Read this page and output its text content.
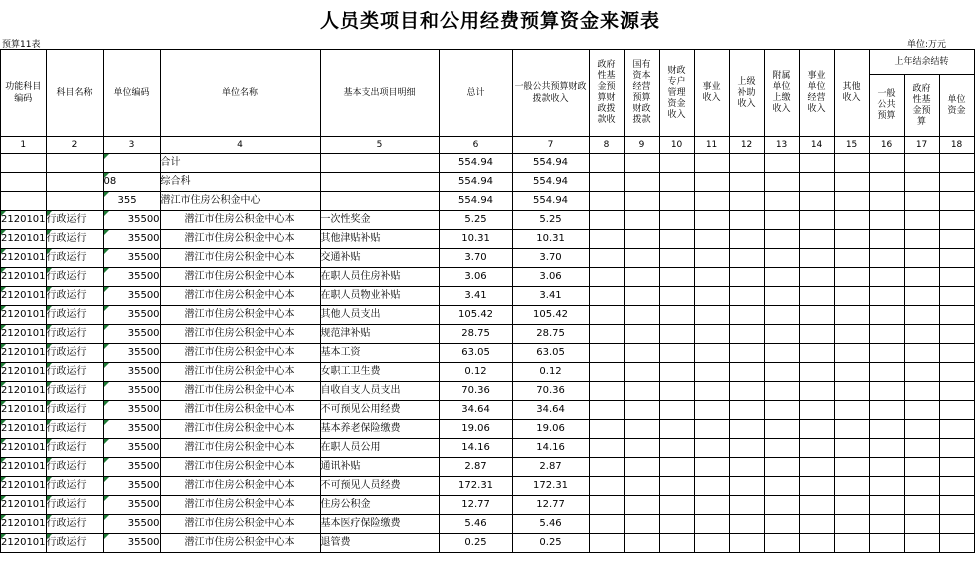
人员类项目和公用经费预算资金来源表
预算11表	单位:万元
功能科目编码	科目名称	单位编码	单位名称	基本支出项目明细	总计	一般公共预算财政拨款收入	政府性基金预算财政拨款收	国有资本经营预算财政拨款	财政专户管理资金收入	事业收入	上级补助收入	附属单位上缴收入	事业单位经营收入	其他收入	上年结余结转		
															一般公共预算	政府性基金预算	单位资金
1	2	3	4	5	6	7	8	9	10	11	12	13	14	15	16	17	18
			合计		554.94	554.94											
		08	综合科		554.94	554.94											
		355	潜江市住房公积金中心		554.94	554.94											
2120101	行政运行	35500	潜江市住房公积金中心本	一次性奖金	5.25	5.25											
2120101	行政运行	35500	潜江市住房公积金中心本	其他津贴补贴	10.31	10.31											
2120101	行政运行	35500	潜江市住房公积金中心本	交通补贴	3.70	3.70											
2120101	行政运行	35500	潜江市住房公积金中心本	在职人员住房补贴	3.06	3.06											
2120101	行政运行	35500	潜江市住房公积金中心本	在职人员物业补贴	3.41	3.41											
2120101	行政运行	35500	潜江市住房公积金中心本	其他人员支出	105.42	105.42											
2120101	行政运行	35500	潜江市住房公积金中心本	规范津补贴	28.75	28.75											
2120101	行政运行	35500	潜江市住房公积金中心本	基本工资	63.05	63.05											
2120101	行政运行	35500	潜江市住房公积金中心本	女职工卫生费	0.12	0.12											
2120101	行政运行	35500	潜江市住房公积金中心本	自收自支人员支出	70.36	70.36											
2120101	行政运行	35500	潜江市住房公积金中心本	不可预见公用经费	34.64	34.64											
2120101	行政运行	35500	潜江市住房公积金中心本	基本养老保险缴费	19.06	19.06											
2120101	行政运行	35500	潜江市住房公积金中心本	在职人员公用	14.16	14.16											
2120101	行政运行	35500	潜江市住房公积金中心本	通讯补贴	2.87	2.87											
2120101	行政运行	35500	潜江市住房公积金中心本	不可预见人员经费	172.31	172.31											
2120101	行政运行	35500	潜江市住房公积金中心本	住房公积金	12.77	12.77											
2120101	行政运行	35500	潜江市住房公积金中心本	基本医疗保险缴费	5.46	5.46											
2120101	行政运行	35500	潜江市住房公积金中心本	退管费	0.25	0.25											
